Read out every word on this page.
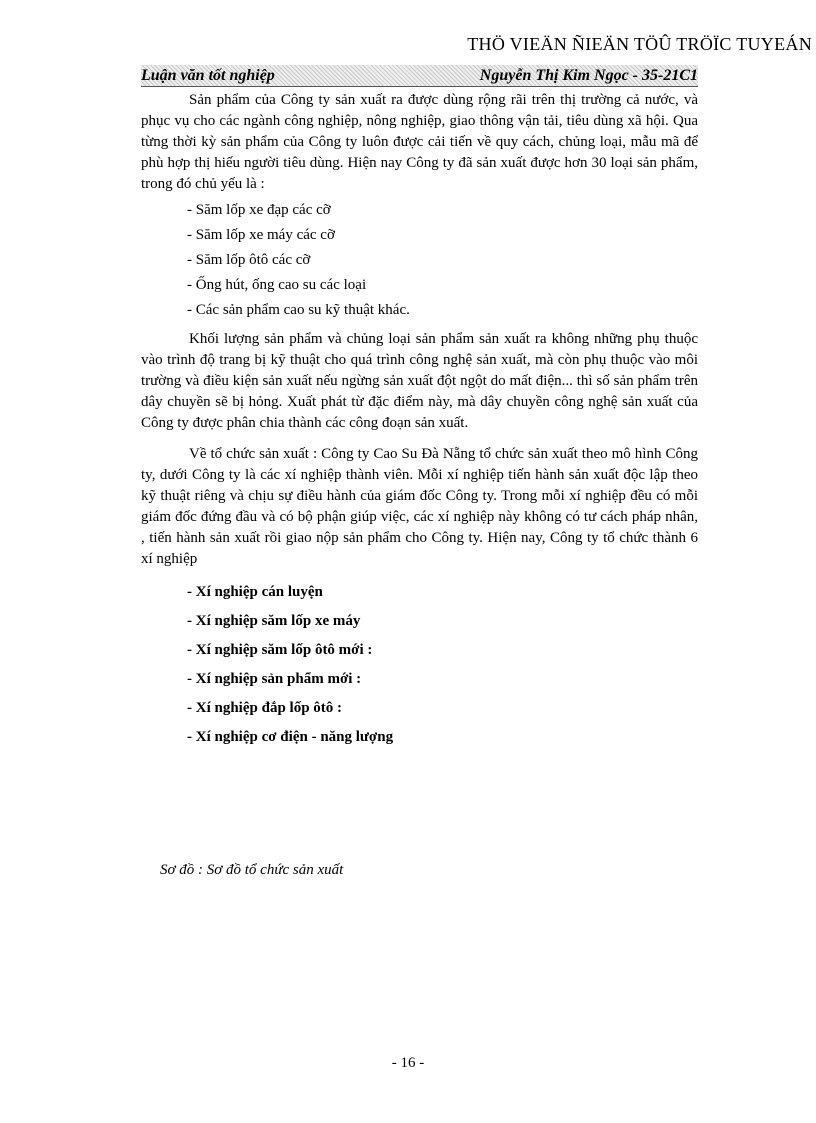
THÖ VIEÄN ÑIEÄN TÖÛ TRÖÏC TUYEÁN
Luận văn tốt nghiệp	Nguyễn Thị Kim Ngọc - 35-21C1

Sản phẩm của Công ty sản xuất ra được dùng rộng rãi trên thị trường cả nước, và phục vụ cho các ngành công nghiệp, nông nghiệp, giao thông vận tải, tiêu dùng xã hội. Qua từng thời kỳ sản phẩm của Công ty luôn được cải tiến về quy cách, chủng loại, mẫu mã để phù hợp thị hiếu người tiêu dùng. Hiện nay Công ty đã sản xuất được hơn 30 loại sản phẩm, trong đó chủ yếu là :

- Săm lốp xe đạp các cỡ
- Săm lốp xe máy các cỡ
- Săm lốp ôtô các cỡ
- Ống hút, ống cao su các loại
- Các sản phẩm cao su kỹ thuật khác.

Khối lượng sản phẩm và chủng loại sản phẩm sản xuất ra không những phụ thuộc vào trình độ trang bị kỹ thuật cho quá trình công nghệ sản xuất, mà còn phụ thuộc vào môi trường và điều kiện sản xuất nếu ngừng sản xuất đột ngột do mất điện... thì số sản phẩm trên dây chuyền sẽ bị hỏng. Xuất phát từ đặc điểm này, mà dây chuyền công nghệ sản xuất của Công ty được phân chia thành các công đoạn sản xuất.

Về tổ chức sản xuất : Công ty Cao Su Đà Nẵng tổ chức sản xuất theo mô hình Công ty, dưới Công ty là các xí nghiệp thành viên. Mỗi xí nghiệp tiến hành sản xuất độc lập theo kỹ thuật riêng và chịu sự điều hành của giám đốc Công ty. Trong mỗi xí nghiệp đều có mỗi giám đốc đứng đầu và có bộ phận giúp việc, các xí nghiệp này không có tư cách pháp nhân, , tiến hành sản xuất rồi giao nộp sản phẩm cho Công ty. Hiện nay, Công ty tổ chức thành 6 xí nghiệp

- Xí nghiệp cán luyện
- Xí nghiệp săm lốp xe máy
- Xí nghiệp săm lốp ôtô mới :
- Xí nghiệp sản phẩm mới :
- Xí nghiệp đắp lốp ôtô :
- Xí nghiệp cơ điện - năng lượng
Sơ đồ : Sơ đồ tổ chức sản xuất
- 16 -
